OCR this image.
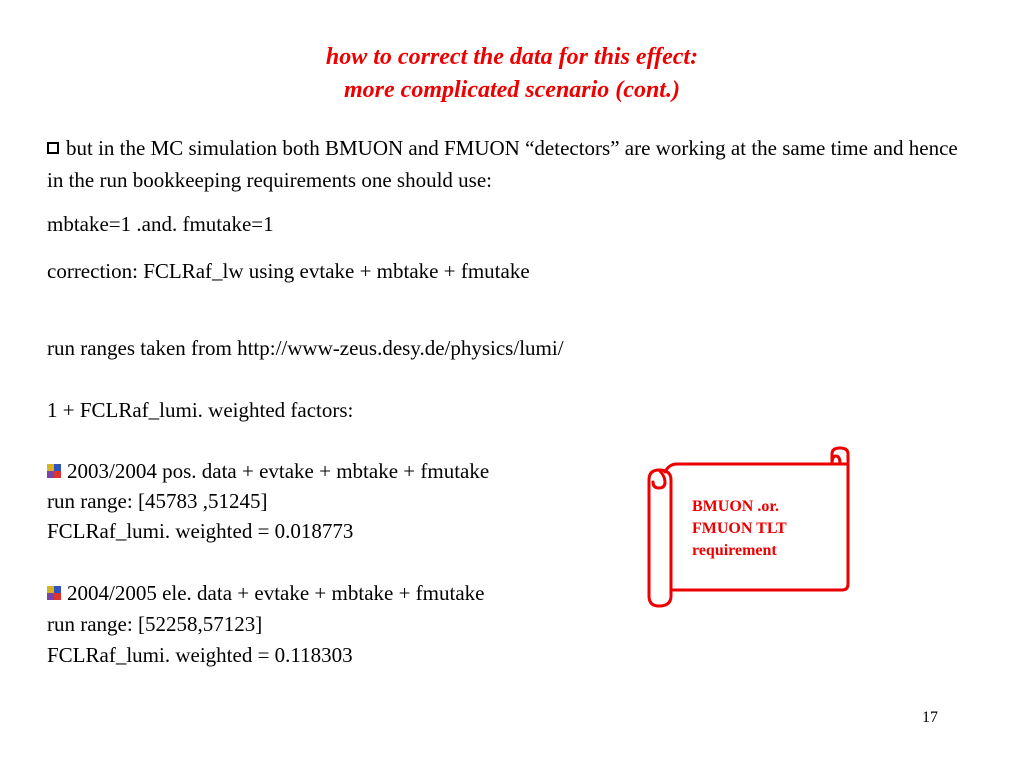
how to correct the data for this effect:
more complicated scenario (cont.)
but in the MC simulation both BMUON and FMUON “detectors” are working at the same time and hence in the run bookkeeping requirements one should use:
mbtake=1 .and. fmutake=1
correction: FCLRaf_lw using evtake + mbtake + fmutake
run ranges taken from http://www-zeus.desy.de/physics/lumi/
1 + FCLRaf_lumi. weighted factors:
2003/2004 pos. data + evtake + mbtake + fmutake
run range: [45783 ,51245]
FCLRaf_lumi. weighted = 0.018773
2004/2005 ele. data + evtake + mbtake + fmutake
run range: [52258,57123]
FCLRaf_lumi. weighted = 0.118303
BMUON .or.
FMUON TLT
requirement
17
